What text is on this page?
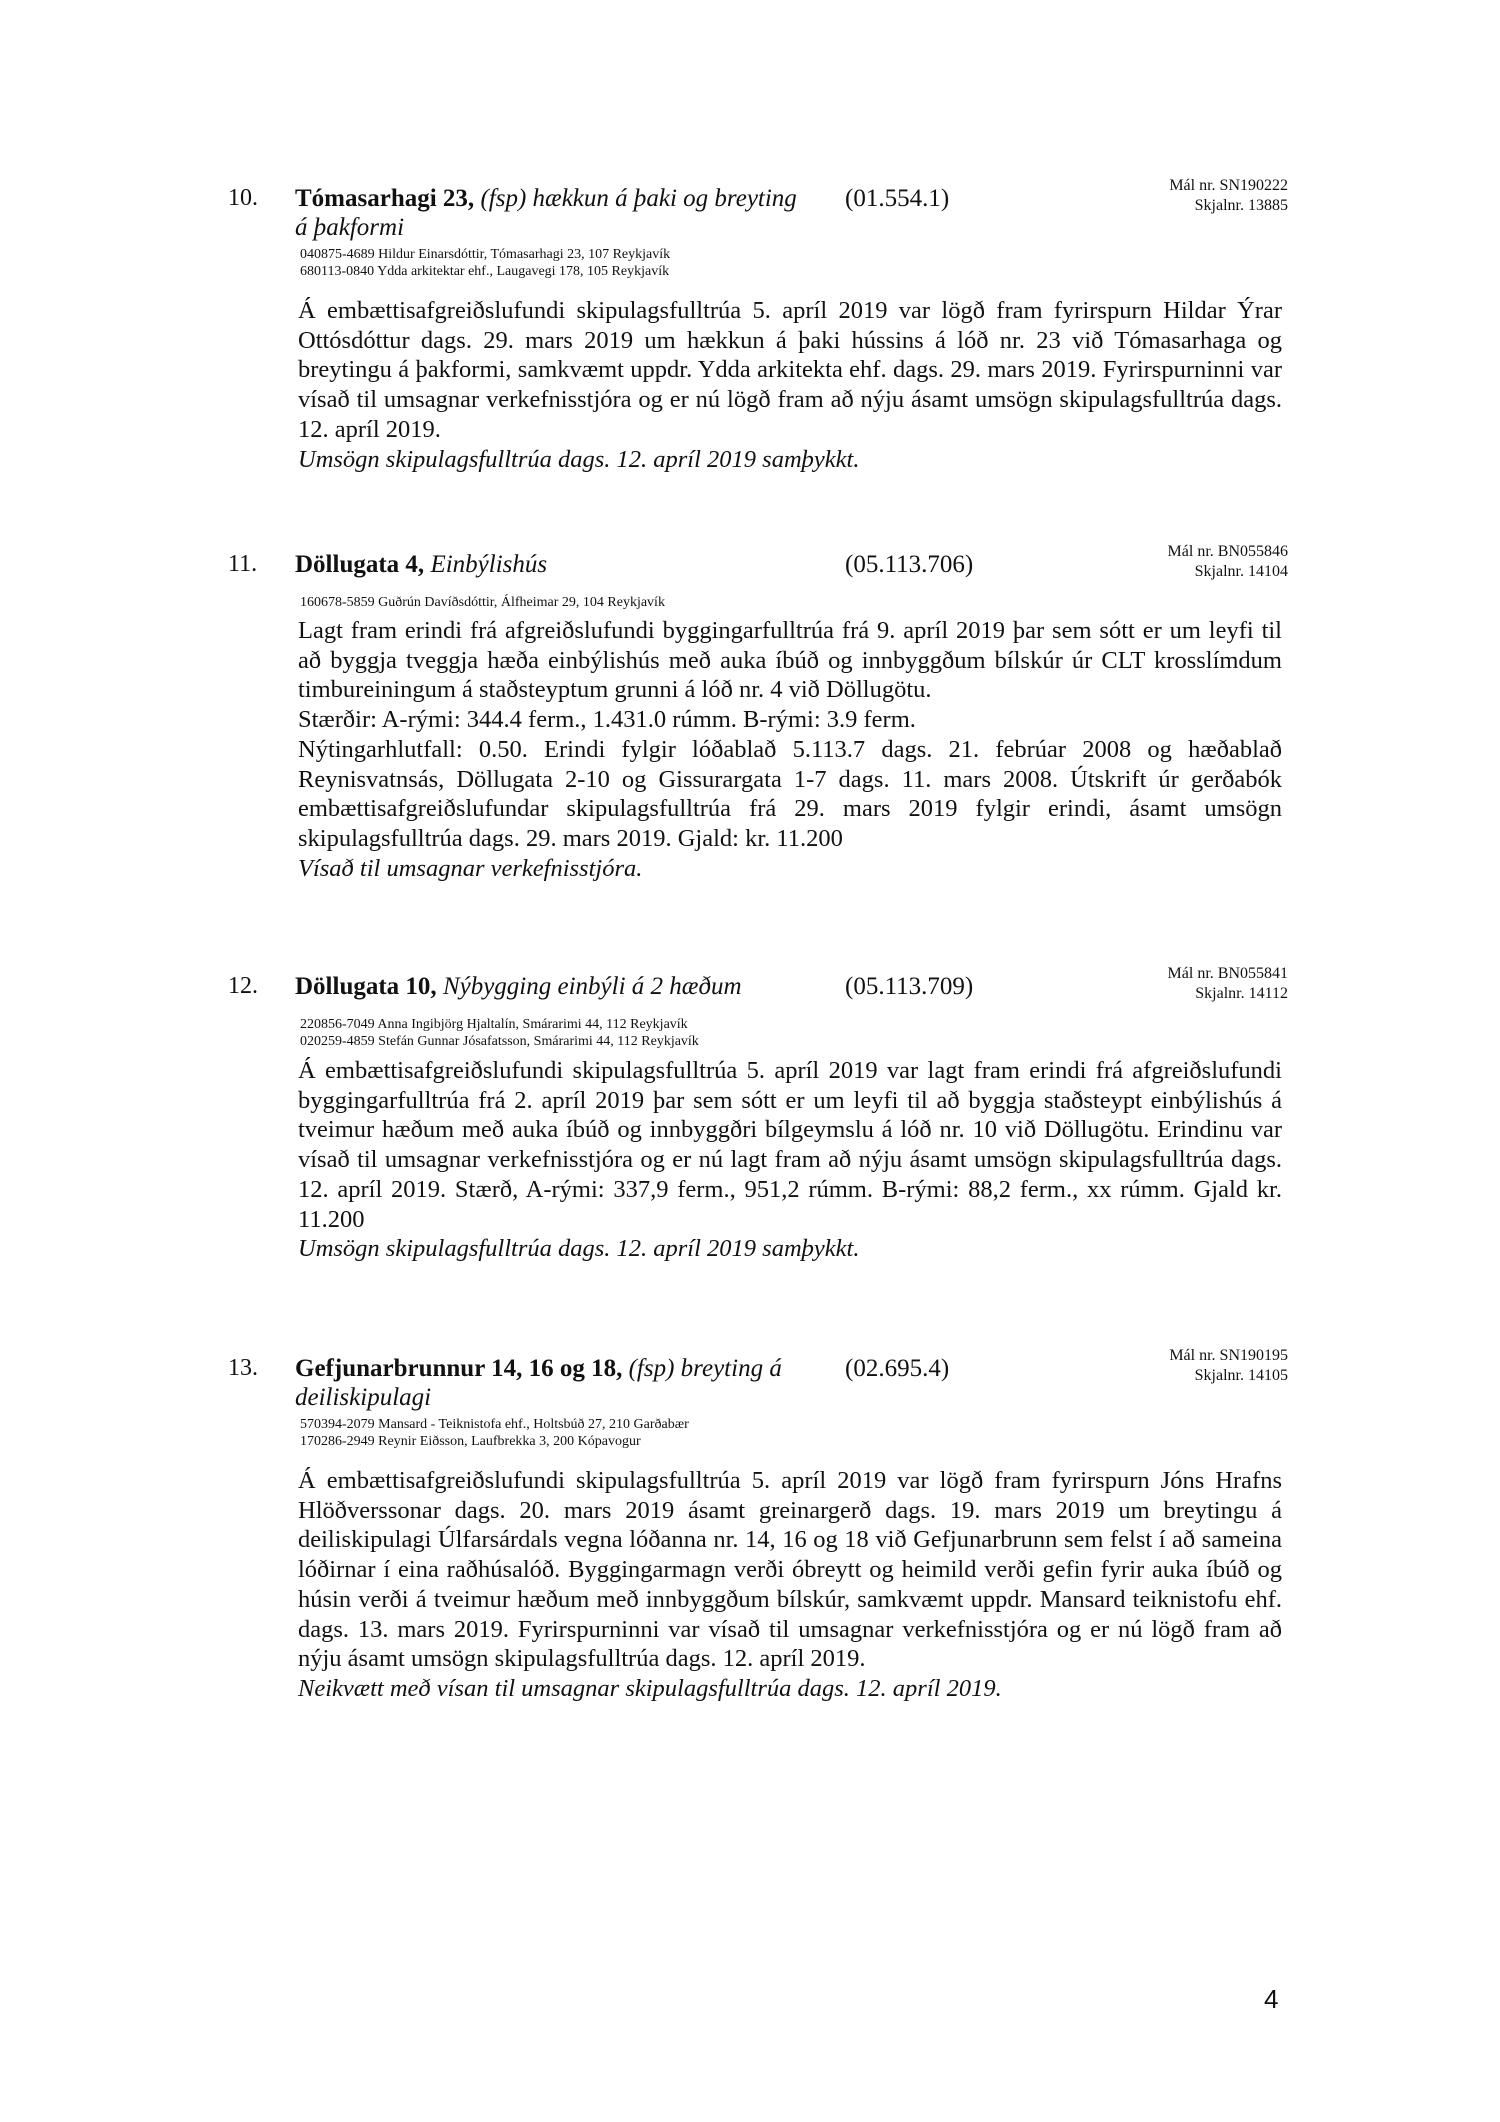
10. Tómasarhagi 23, (fsp) hækkun á þaki og breyting á þakformi
(01.554.1)	Mál nr. SN190222
Skjalnr. 13885
040875-4689 Hildur Einarsdóttir, Tómasarhagi 23, 107 Reykjavík
680113-0840 Ydda arkitektar ehf., Laugavegi 178, 105 Reykjavík

Á embættisafgreiðslufundi skipulagsfulltrúa 5. apríl 2019 var lögð fram fyrirspurn Hildar Ýrar Ottósdóttur dags. 29. mars 2019 um hækkun á þaki hússins á lóð nr. 23 við Tómasarhaga og breytingu á þakformi, samkvæmt uppdr. Ydda arkitekta ehf. dags. 29. mars 2019. Fyrirspurninni var vísað til umsagnar verkefnisstjóra og er nú lögð fram að nýju ásamt umsögn skipulagsfulltrúa dags. 12. apríl 2019.

Umsögn skipulagsfulltrúa dags. 12. apríl 2019 samþykkt.

11. Döllugata 4, Einbýlishús	(05.113.706)	Mál nr. BN055846
Skjalnr. 14104
160678-5859 Guðrún Davíðsdóttir, Álfheimar 29, 104 Reykjavík

Lagt fram erindi frá afgreiðslufundi byggingarfulltrúa frá 9. apríl 2019 þar sem sótt er um leyfi til að byggja tveggja hæða einbýlishús með auka íbúð og innbyggðum bílskúr úr CLT krosslímdum timbureiningum á staðsteyptum grunni á lóð nr. 4 við Döllugötu.

Stærðir: A-rými: 344.4 ferm., 1.431.0 rúmm. B-rými: 3.9 ferm.

Nýtingarhlutfall: 0.50. Erindi fylgir lóðablað 5.113.7 dags. 21. febrúar 2008 og hæðablað Reynisvatnsás, Döllugata 2-10 og Gissurargata 1-7 dags. 11. mars 2008. Útskrift úr gerðabók embættisafgreiðslufundar skipulagsfulltrúa frá 29. mars 2019 fylgir erindi, ásamt umsögn skipulagsfulltrúa dags. 29. mars 2019. Gjald: kr. 11.200

Vísað til umsagnar verkefnisstjóra.

12. Döllugata 10, Nýbygging einbýli á 2 hæðum	(05.113.709)	Mál nr. BN055841
Skjalnr. 14112
220856-7049 Anna Ingibjörg Hjaltalín, Smárarimi 44, 112 Reykjavík
020259-4859 Stefán Gunnar Jósafatsson, Smárarimi 44, 112 Reykjavík

Á embættisafgreiðslufundi skipulagsfulltrúa 5. apríl 2019 var lagt fram erindi frá afgreiðslufundi byggingarfulltrúa frá 2. apríl 2019 þar sem sótt er um leyfi til að byggja staðsteypt einbýlishús á tveimur hæðum með auka íbúð og innbyggðri bílgeymslu á lóð nr. 10 við Döllugötu. Erindinu var vísað til umsagnar verkefnisstjóra og er nú lagt fram að nýju ásamt umsögn skipulagsfulltrúa dags. 12. apríl 2019. Stærð, A-rými: 337,9 ferm., 951,2 rúmm. B-rými: 88,2 ferm., xx rúmm. Gjald kr. 11.200

Umsögn skipulagsfulltrúa dags. 12. apríl 2019 samþykkt.

13. Gefjunarbrunnur 14, 16 og 18, (fsp) breyting á deiliskipulagi
(02.695.4)	Mál nr. SN190195
Skjalnr. 14105
570394-2079 Mansard - Teiknistofa ehf., Holtsbúð 27, 210 Garðabær
170286-2949 Reynir Eiðsson, Laufbrekka 3, 200 Kópavogur

Á embættisafgreiðslufundi skipulagsfulltrúa 5. apríl 2019 var lögð fram fyrirspurn Jóns Hrafns Hlöðverssonar dags. 20. mars 2019 ásamt greinargerð dags. 19. mars 2019 um breytingu á deiliskipulagi Úlfarsárdals vegna lóðanna nr. 14, 16 og 18 við Gefjunarbrunn sem felst í að sameina lóðirnar í eina raðhúsalóð. Byggingarmagn verði óbreytt og heimild verði gefin fyrir auka íbúð og húsin verði á tveimur hæðum með innbyggðum bílskúr, samkvæmt uppdr. Mansard teiknistofu ehf. dags. 13. mars 2019. Fyrirspurninni var vísað til umsagnar verkefnisstjóra og er nú lögð fram að nýju ásamt umsögn skipulagsfulltrúa dags. 12. apríl 2019.

Neikvætt með vísan til umsagnar skipulagsfulltrúa dags. 12. apríl 2019.

4
